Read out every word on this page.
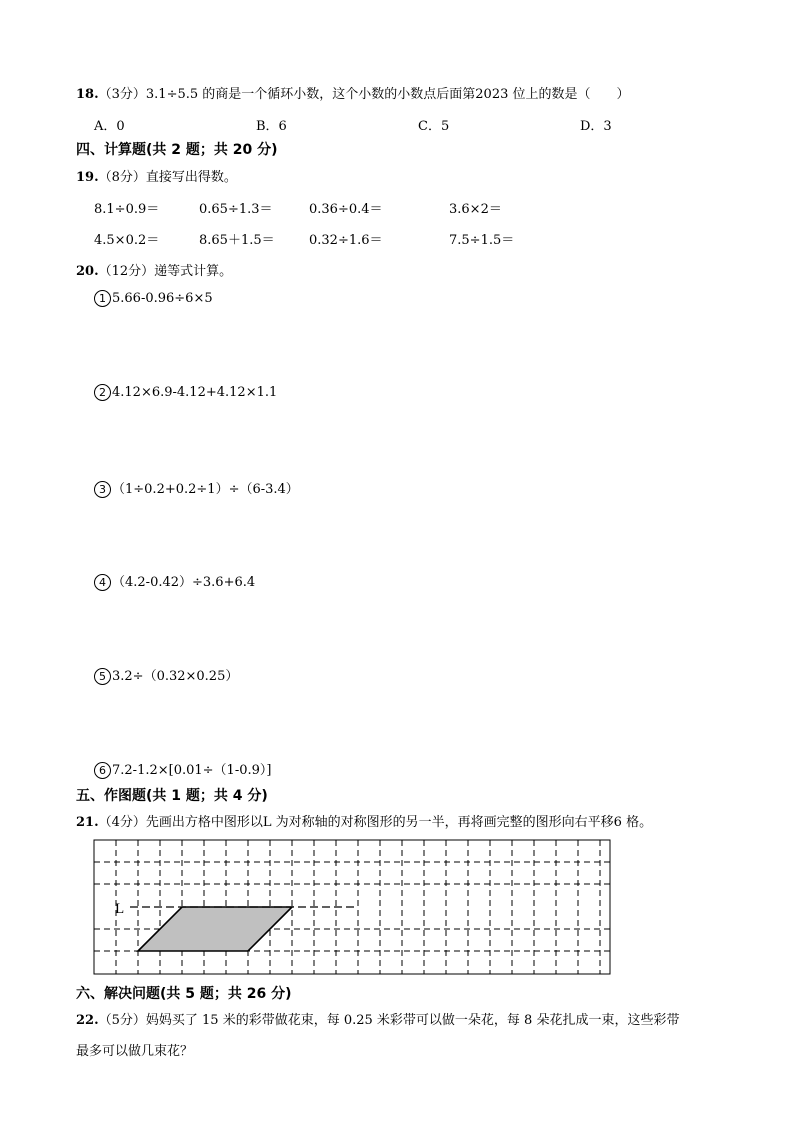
18.（3分）3.1÷5.5 的商是一个循环小数，这个小数的小数点后面第2023 位上的数是（　　）
A．0	B．6	C．5	D．3
四、计算题(共 2 题；共 20 分)
19.（8分）直接写出得数。
8.1÷0.9＝	0.65÷1.3＝	0.36÷0.4＝	3.6×2＝
4.5×0.2＝	8.65＋1.5＝	0.32÷1.6＝	7.5÷1.5＝
20.（12分）递等式计算。
1 5.66-0.96÷6×5
2 4.12×6.9-4.12+4.12×1.1
3 （1÷0.2+0.2÷1）÷（6-3.4）
4 （4.2-0.42）÷3.6+6.4
5 3.2÷（0.32×0.25）
6 7.2-1.2×[0.01÷（1-0.9）]
五、作图题(共 1 题；共 4 分)
21.（4分）先画出方格中图形以L 为对称轴的对称图形的另一半，再将画完整的图形向右平移6 格。
L
六、解决问题(共 5 题；共 26 分)
22.（5分）妈妈买了 15 米的彩带做花束，每 0.25 米彩带可以做一朵花，每 8 朵花扎成一束，这些彩带
最多可以做几束花？
